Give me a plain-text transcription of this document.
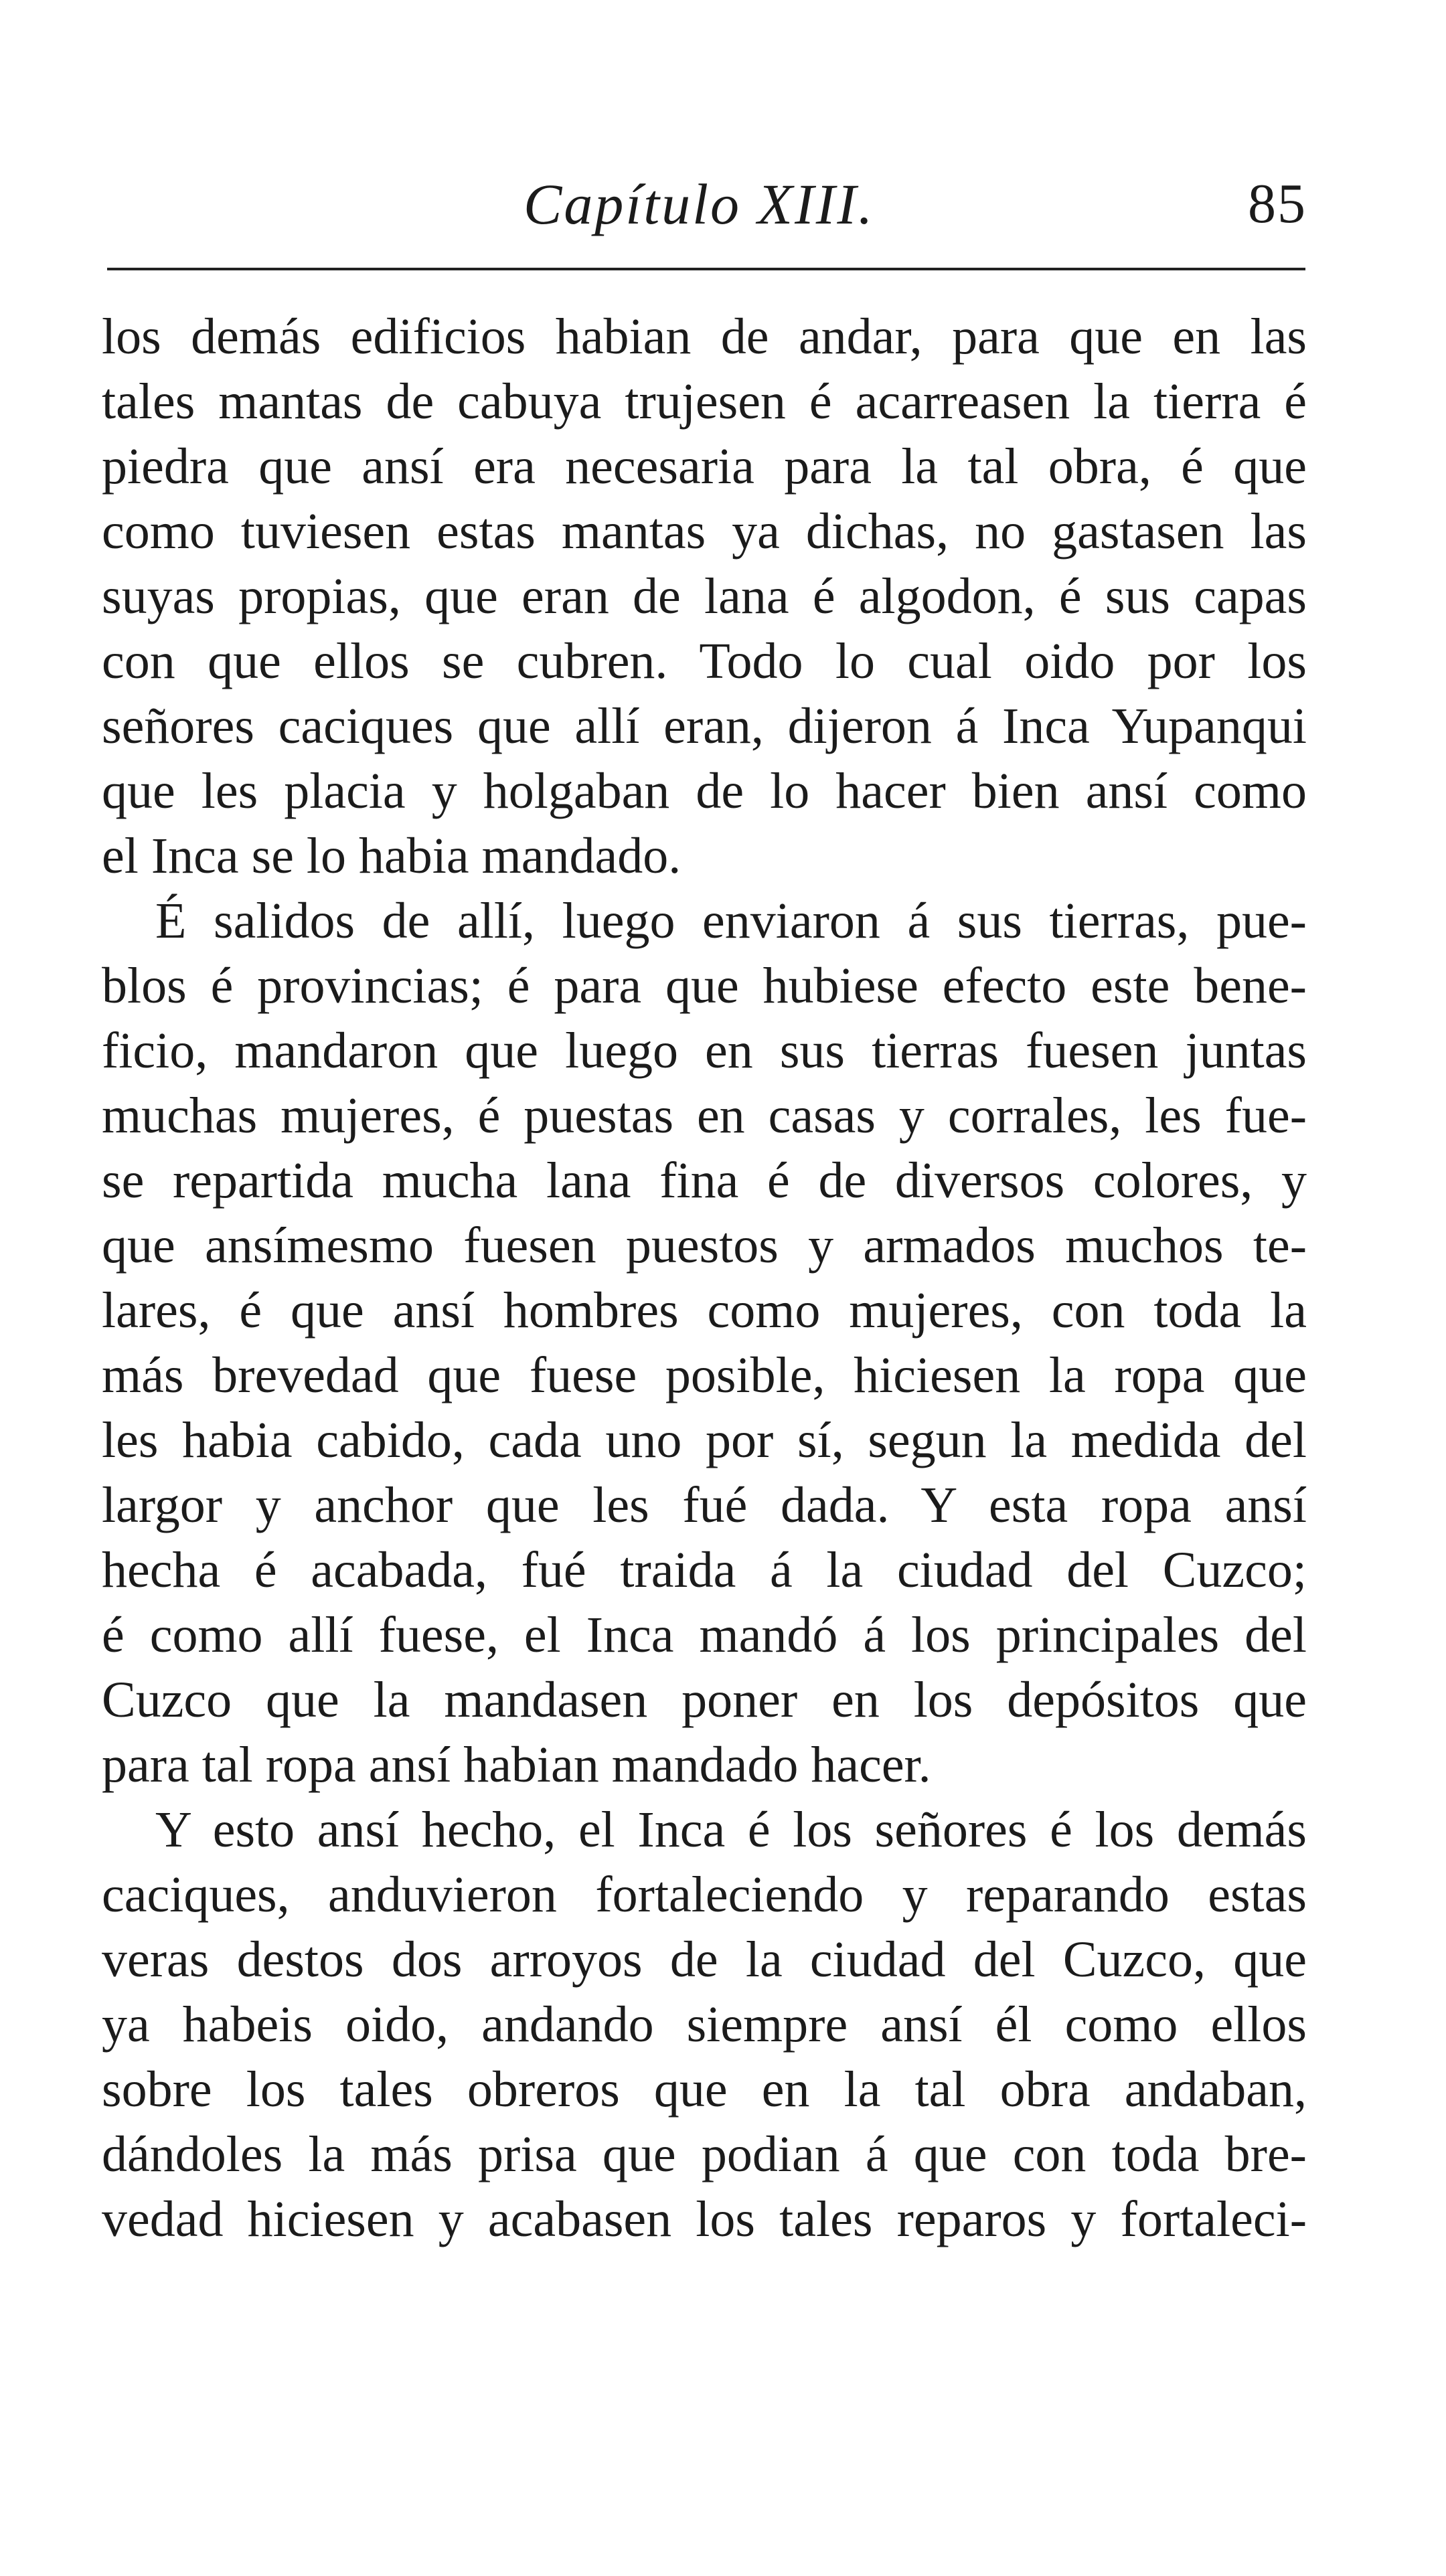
Capítulo XIII.	85
los demás edificios habian de andar, para que en las
tales mantas de cabuya trujesen é acarreasen la tierra é
piedra que ansí era necesaria para la tal obra, é que
como tuviesen estas mantas ya dichas, no gastasen las
suyas propias, que eran de lana é algodon, é sus capas
con que ellos se cubren. Todo lo cual oido por los
señores caciques que allí eran, dijeron á Inca Yupanqui
que les placia y holgaban de lo hacer bien ansí como
el Inca se lo habia mandado.
É salidos de allí, luego enviaron á sus tierras, pue-
blos é provincias; é para que hubiese efecto este bene-
ficio, mandaron que luego en sus tierras fuesen juntas
muchas mujeres, é puestas en casas y corrales, les fue-
se repartida mucha lana fina é de diversos colores, y
que ansímesmo fuesen puestos y armados muchos te-
lares, é que ansí hombres como mujeres, con toda la
más brevedad que fuese posible, hiciesen la ropa que
les habia cabido, cada uno por sí, segun la medida del
largor y anchor que les fué dada. Y esta ropa ansí
hecha é acabada, fué traida á la ciudad del Cuzco;
é como allí fuese, el Inca mandó á los principales del
Cuzco que la mandasen poner en los depósitos que
para tal ropa ansí habian mandado hacer.
Y esto ansí hecho, el Inca é los señores é los demás
caciques, anduvieron fortaleciendo y reparando estas
veras destos dos arroyos de la ciudad del Cuzco, que
ya habeis oido, andando siempre ansí él como ellos
sobre los tales obreros que en la tal obra andaban,
dándoles la más prisa que podian á que con toda bre-
vedad hiciesen y acabasen los tales reparos y fortaleci-
